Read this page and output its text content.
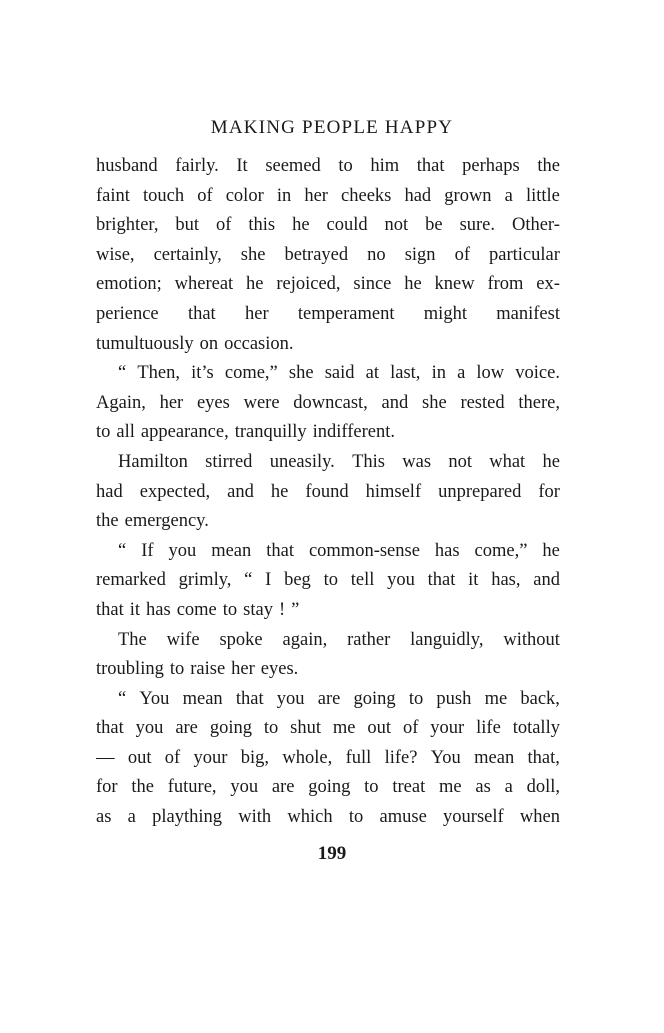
MAKING PEOPLE HAPPY
husband fairly. It seemed to him that perhaps the
faint touch of color in her cheeks had grown a little
brighter, but of this he could not be sure. Other-
wise, certainly, she betrayed no sign of particular
emotion; whereat he rejoiced, since he knew from ex-
perience that her temperament might manifest
tumultuously on occasion.
“ Then, it’s come,” she said at last, in a low voice.
Again, her eyes were downcast, and she rested there,
to all appearance, tranquilly indifferent.
Hamilton stirred uneasily. This was not what he
had expected, and he found himself unprepared for
the emergency.
“ If you mean that common-sense has come,” he
remarked grimly, “ I beg to tell you that it has, and
that it has come to stay ! ”
The wife spoke again, rather languidly, without
troubling to raise her eyes.
“ You mean that you are going to push me back,
that you are going to shut me out of your life totally
— out of your big, whole, full life? You mean that,
for the future, you are going to treat me as a doll,
as a plaything with which to amuse yourself when
199
